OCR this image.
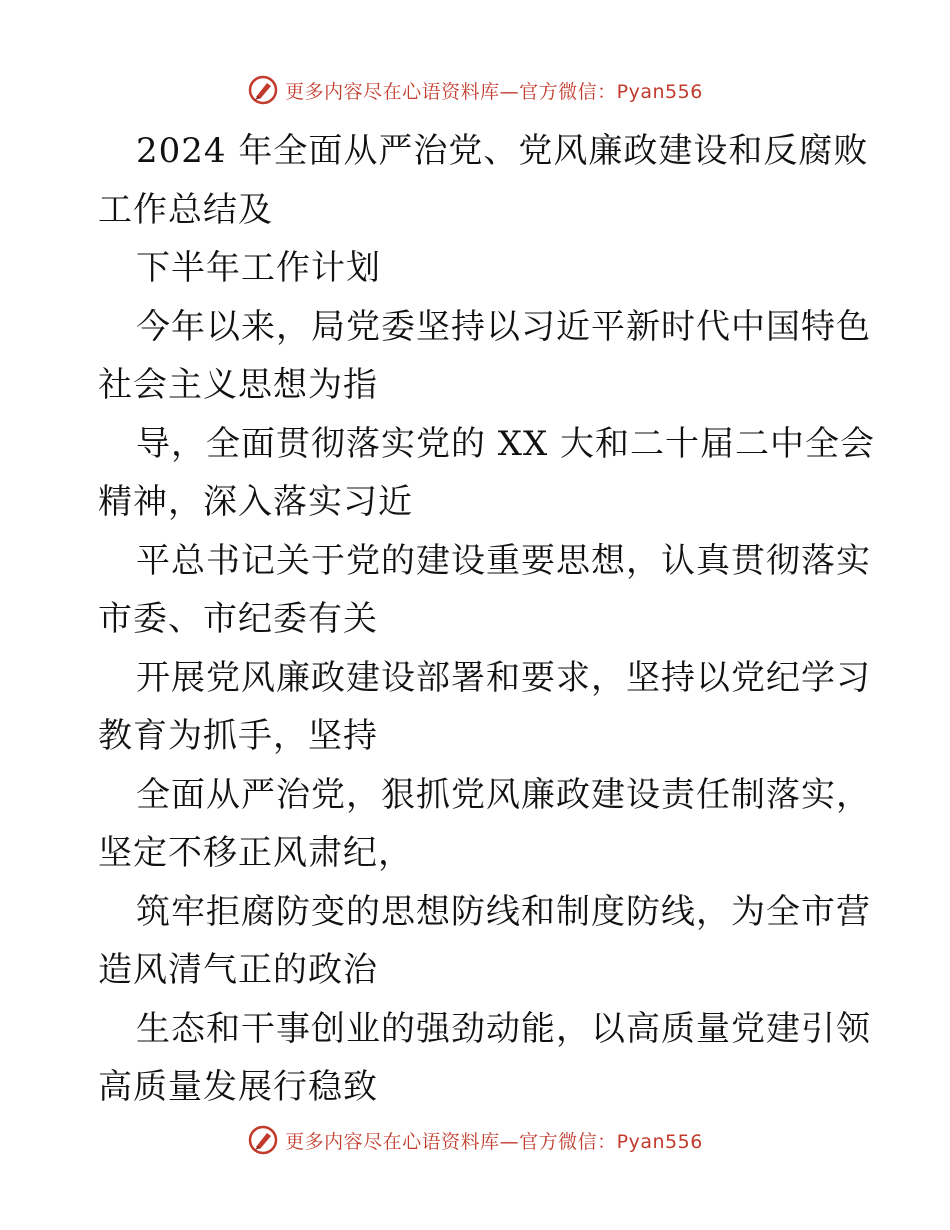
更多内容尽在心语资料库—官方微信：Pyan556
2024 年全面从严治党、党风廉政建设和反腐败
工作总结及
下半年工作计划
今年以来，局党委坚持以习近平新时代中国特色
社会主义思想为指
导，全面贯彻落实党的 XX 大和二十届二中全会
精神，深入落实习近
平总书记关于党的建设重要思想，认真贯彻落实
市委、市纪委有关
开展党风廉政建设部署和要求，坚持以党纪学习
教育为抓手，坚持
全面从严治党，狠抓党风廉政建设责任制落实，
坚定不移正风肃纪，
筑牢拒腐防变的思想防线和制度防线，为全市营
造风清气正的政治
生态和干事创业的强劲动能，以高质量党建引领
高质量发展行稳致
更多内容尽在心语资料库—官方微信：Pyan556
